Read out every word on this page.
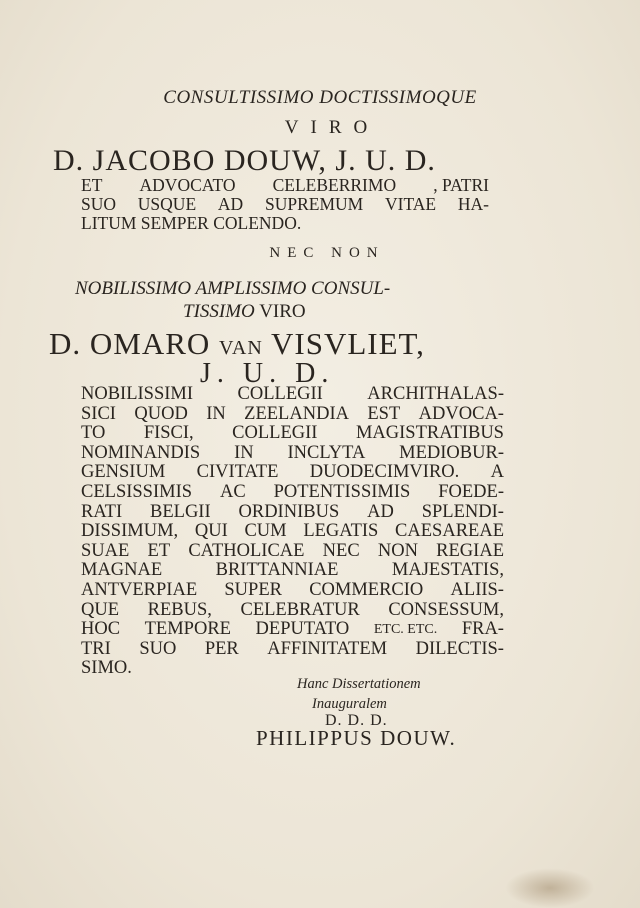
CONSULTISSIMO DOCTISSIMOQUE
VIRO
D. JACOBO DOUW, J. U. D.
ET ADVOCATO CELEBERRIMO , PATRI
SUO USQUE AD SUPREMUM VITAE HA-
LITUM SEMPER COLENDO.
NEC NON
NOBILISSIMO AMPLISSIMO CONSUL-
TISSIMO VIRO
D. OMARO VAN VISVLIET,
J. U. D.
NOBILISSIMI COLLEGII ARCHITHALAS-
SICI QUOD IN ZEELANDIA EST ADVOCA-
TO FISCI, COLLEGII MAGISTRATIBUS
NOMINANDIS IN INCLYTA MEDIOBUR-
GENSIUM CIVITATE DUODECIMVIRO. A
CELSISSIMIS AC POTENTISSIMIS FOEDE-
RATI BELGII ORDINIBUS AD SPLENDI-
DISSIMUM, QUI CUM LEGATIS CAESAREAE
SUAE ET CATHOLICAE NEC NON REGIAE
MAGNAE	BRITTANNIAE	MAJESTATIS,
ANTVERPIAE SUPER COMMERCIO ALIIS-
QUE REBUS, CELEBRATUR CONSESSUM,
HOC TEMPORE DEPUTATO ETC. ETC. FRA-
TRI SUO PER AFFINITATEM DILECTIS-
SIMO.
Hanc Dissertationem
Inauguralem
D. D. D.
PHILIPPUS DOUW.
